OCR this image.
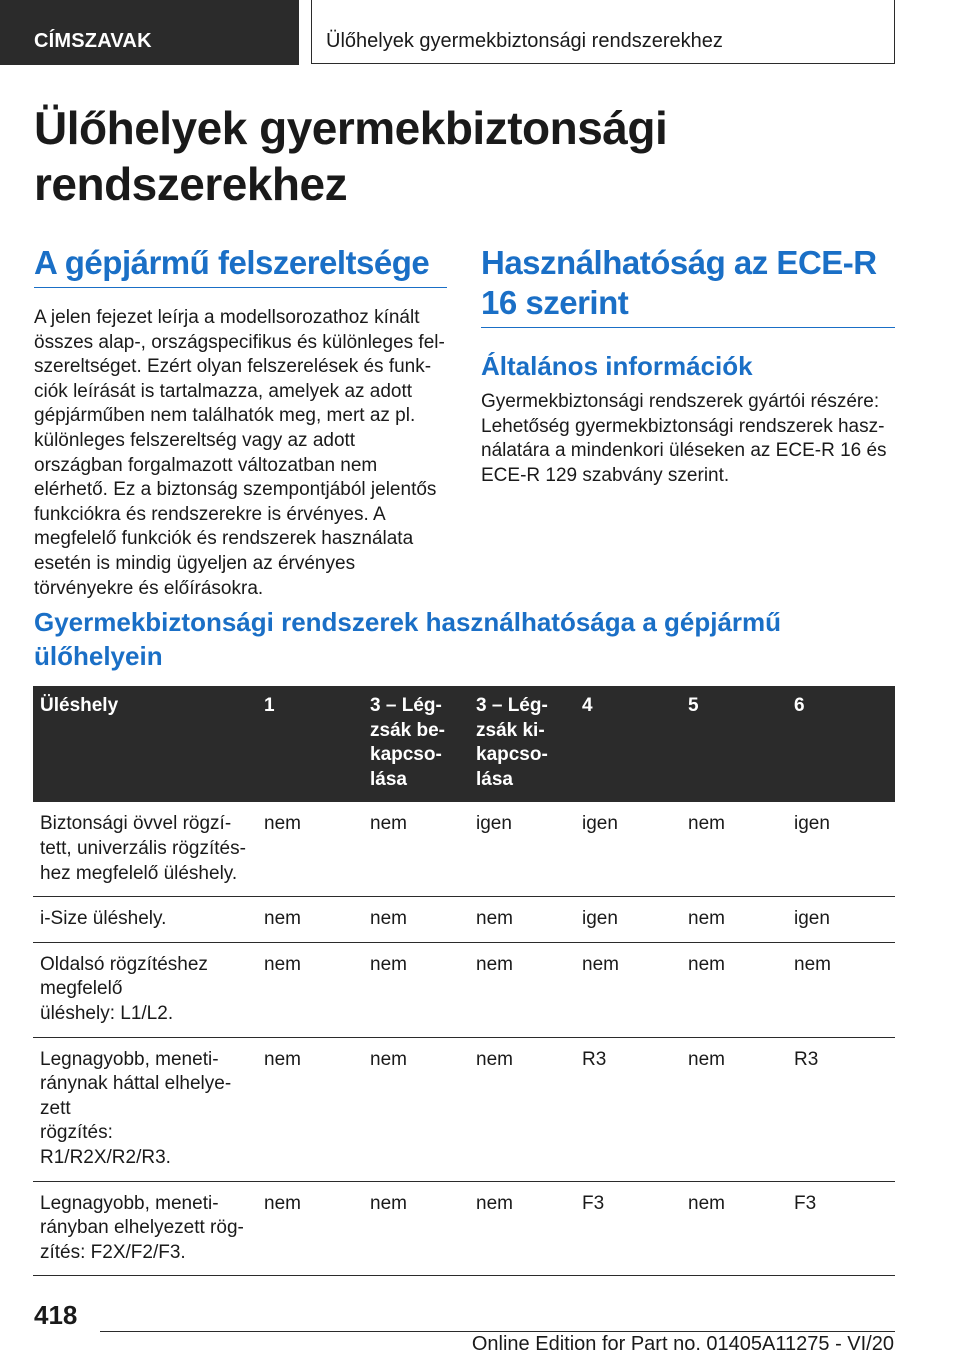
CÍMSZAVAK	Ülőhelyek gyermekbiztonsági rendszerekhez
Ülőhelyek gyermekbiztonsági rendszerekhez
A gépjármű felszereltsége

A jelen fejezet leírja a modellsorozathoz kínált összes alap-, országspecifikus és különleges felszereltséget. Ezért olyan felszerelések és funkciók leírását is tartalmazza, amelyek az adott gépjárműben nem találhatók meg, mert az pl. különleges felszereltség vagy az adott országban forgalmazott változatban nem elérhető. Ez a biztonság szempontjából jelentős funkciókra és rendszerekre is érvényes. A megfelelő funkciók és rendszerek használata esetén is mindig ügyeljen az érvényes törvényekre és előírásokra.

Használhatóság az ECE-R 16 szerint
Általános információk

Gyermekbiztonsági rendszerek gyártói részére: Lehetőség gyermekbiztonsági rendszerek használatára a mindenkori üléseken az ECE-R 16 és ECE-R 129 szabvány szerint.

Gyermekbiztonsági rendszerek használhatósága a gépjármű ülőhelyein
Üléshely	1	3 – Légzsák bekapcsolása	3 – Légzsák kikapcsolása	4	5	6
Biztonsági övvel rögzített, univerzális rögzítéshez megfelelő üléshely.	nem	nem	igen	igen	nem	igen
i-Size üléshely.	nem	nem	nem	igen	nem	igen
Oldalsó rögzítéshez megfelelő
üléshely: L1/L2.	nem	nem	nem	nem	nem	nem
Legnagyobb, menetiránynak háttal elhelyezett
rögzítés: R1/R2X/R2/R3.	nem	nem	nem	R3	nem	R3
Legnagyobb, menetirányban elhelyezett rögzítés: F2X/F2/F3.	nem	nem	nem	F3	nem	F3
418
Online Edition for Part no. 01405A11275 - VI/20
